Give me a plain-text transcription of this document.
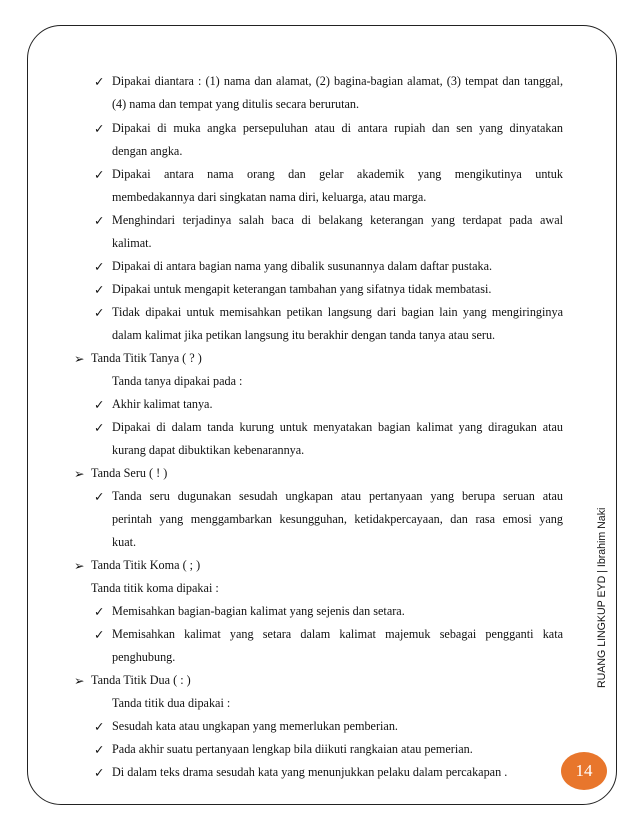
✓ Dipakai diantara : (1) nama dan alamat, (2) bagina-bagian alamat, (3) tempat dan tanggal,
(4) nama dan tempat yang ditulis secara berurutan.
✓ Dipakai di muka angka persepuluhan atau di antara rupiah dan sen yang dinyatakan
dengan angka.
✓ Dipakai antara nama orang dan gelar akademik yang mengikutinya untuk
membedakannya dari singkatan nama diri, keluarga, atau marga.
✓ Menghindari terjadinya salah baca di belakang keterangan yang terdapat pada awal
kalimat.
✓ Dipakai di antara bagian nama yang dibalik susunannya dalam daftar pustaka.
✓ Dipakai untuk mengapit keterangan tambahan yang sifatnya tidak membatasi.
✓ Tidak dipakai untuk memisahkan petikan langsung dari bagian lain yang mengiringinya
dalam kalimat jika petikan langsung itu berakhir dengan tanda tanya atau seru.
➢ Tanda Titik Tanya ( ? )
Tanda tanya dipakai pada :
✓ Akhir kalimat tanya.
✓ Dipakai di dalam tanda kurung untuk menyatakan bagian kalimat yang diragukan atau
kurang dapat dibuktikan kebenarannya.
➢ Tanda Seru ( ! )
✓ Tanda seru dugunakan sesudah ungkapan atau pertanyaan yang berupa seruan atau
perintah yang menggambarkan kesungguhan, ketidakpercayaan, dan rasa emosi yang
kuat.
➢ Tanda Titik Koma ( ; )
Tanda titik koma dipakai :
✓ Memisahkan bagian-bagian kalimat yang sejenis dan setara.
✓ Memisahkan kalimat yang setara dalam kalimat majemuk sebagai pengganti kata
penghubung.
➢ Tanda Titik Dua ( : )
Tanda titik dua dipakai :
✓ Sesudah kata atau ungkapan yang memerlukan pemberian.
✓ Pada akhir suatu pertanyaan lengkap bila diikuti rangkaian atau pemerian.
✓ Di dalam teks drama sesudah kata yang menunjukkan pelaku dalam percakapan .
RUANG LINGKUP EYD | Ibrahim Naki
14
